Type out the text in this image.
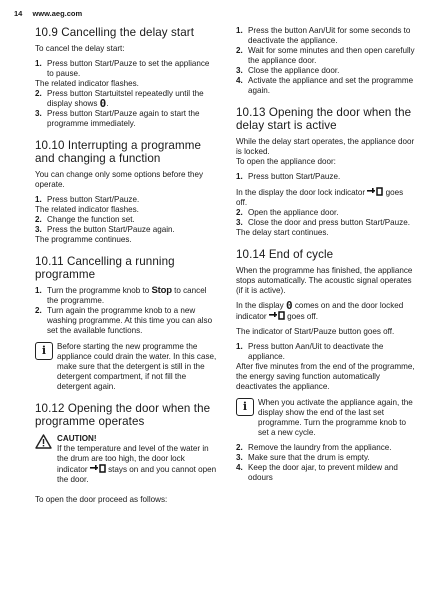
14 www.aeg.com
10.9 Cancelling the delay start

To cancel the delay start:

1. Press button Start/Pauze to set the appliance to pause.

The related indicator flashes.

2. Press button Startuitstel repeatedly until the display shows 0.
3. Press button Start/Pauze again to start the programme immediately.
10.10 Interrupting a programme and changing a function

You can change only some options before they operate.

1. Press button Start/Pauze.

The related indicator flashes.

2. Change the function set.
3. Press the button Start/Pauze again.

The programme continues.

10.11 Cancelling a running programme
1. Turn the programme knob to Stop to cancel the programme.
2. Turn again the programme knob to a new washing programme. At this time you can also set the available functions.
i	Before starting the new programme the appliance could drain the water. In this case, make sure that the detergent is still in the detergent compartment, if not fill the detergent again.
10.12 Opening the door when the programme operates
CAUTION!
If the temperature and level of the water in the drum are too high, the door lock indicator	stays on and you cannot open the door.

To open the door proceed as follows:

1. Press the button Aan/Uit for some seconds to deactivate the appliance.
2. Wait for some minutes and then open carefully the appliance door.
3. Close the appliance door.
4. Activate the appliance and set the programme again.
10.13 Opening the door when the delay start is active

While the delay start operates, the appliance door is locked.

To open the appliance door:

1. Press button Start/Pauze.

In the display the door lock indicator	goes off.

2. Open the appliance door.
3. Close the door and press button Start/Pauze.

The delay start continues.

10.14 End of cycle

When the programme has finished, the appliance stops automatically. The acoustic signal operates (if it is active).

In the display 0 comes on and the door locked indicator	goes off.

The indicator of Start/Pauze button goes off.

1. Press button Aan/Uit to deactivate the appliance.

After five minutes from the end of the programme, the energy saving function automatically deactivates the appliance.

i	When you activate the appliance again, the display show the end of the last set programme. Turn the programme knob to set a new cycle.
2. Remove the laundry from the appliance.
3. Make sure that the drum is empty.
4. Keep the door ajar, to prevent mildew and odours
